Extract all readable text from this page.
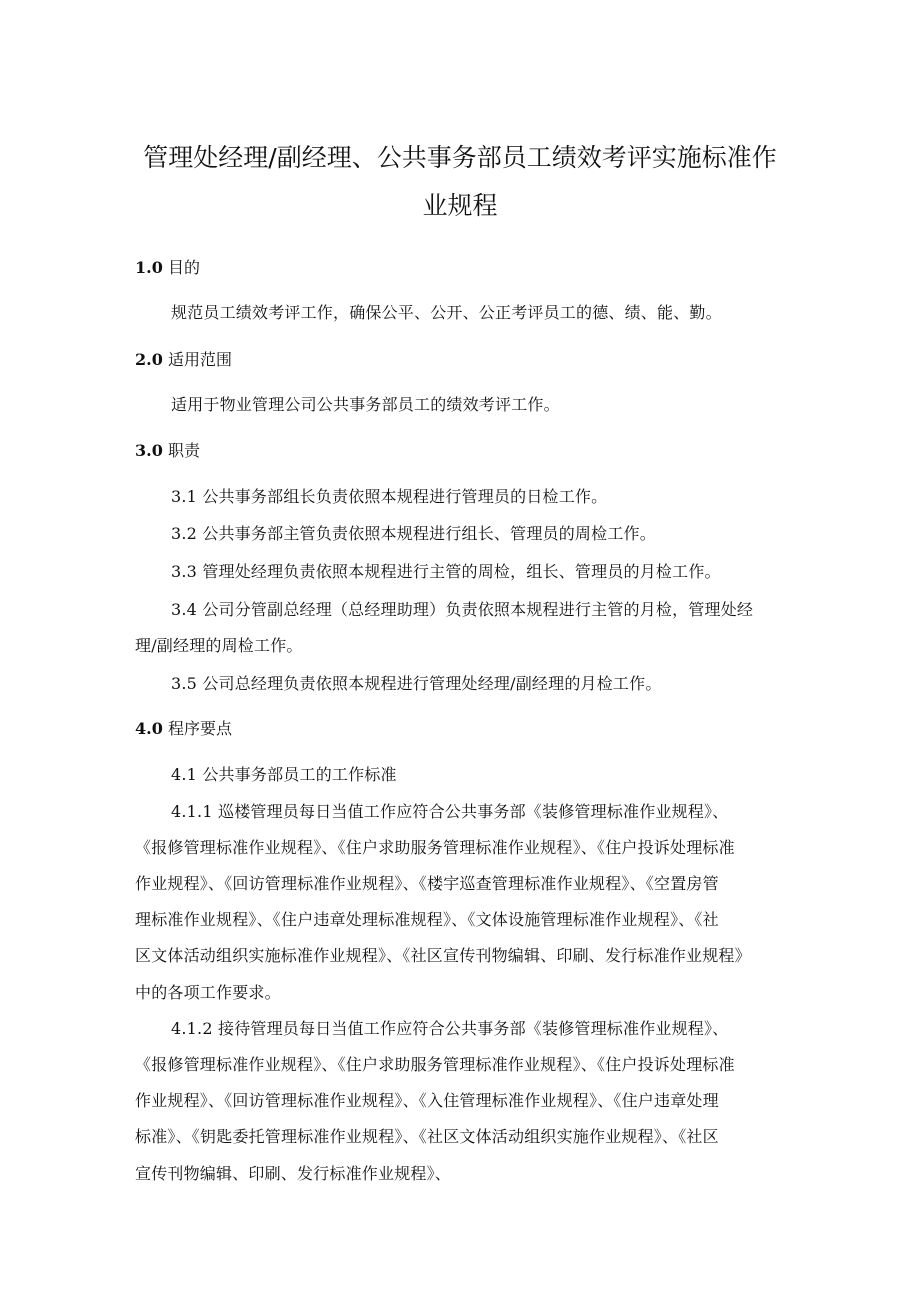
管理处经理/副经理、公共事务部员工绩效考评实施标准作
业规程
1.0 目的
规范员工绩效考评工作，确保公平、公开、公正考评员工的德、绩、能、勤。
2.0 适用范围
适用于物业管理公司公共事务部员工的绩效考评工作。
3.0 职责
3.1 公共事务部组长负责依照本规程进行管理员的日检工作。
3.2 公共事务部主管负责依照本规程进行组长、管理员的周检工作。
3.3 管理处经理负责依照本规程进行主管的周检，组长、管理员的月检工作。
3.4 公司分管副总经理（总经理助理）负责依照本规程进行主管的月检，管理处经
理/副经理的周检工作。
3.5 公司总经理负责依照本规程进行管理处经理/副经理的月检工作。
4.0 程序要点
4.1 公共事务部员工的工作标准
4.1.1 巡楼管理员每日当值工作应符合公共事务部《装修管理标准作业规程》、
《报修管理标准作业规程》、《住户求助服务管理标准作业规程》、《住户投诉处理标准
作业规程》、《回访管理标准作业规程》、《楼宇巡查管理标准作业规程》、《空置房管
理标准作业规程》、《住户违章处理标准规程》、《文体设施管理标准作业规程》、《社
区文体活动组织实施标准作业规程》、《社区宣传刊物编辑、印刷、发行标准作业规程》
中的各项工作要求。
4.1.2 接待管理员每日当值工作应符合公共事务部《装修管理标准作业规程》、
《报修管理标准作业规程》、《住户求助服务管理标准作业规程》、《住户投诉处理标准
作业规程》、《回访管理标准作业规程》、《入住管理标准作业规程》、《住户违章处理
标准》、《钥匙委托管理标准作业规程》、《社区文体活动组织实施作业规程》、《社区
宣传刊物编辑、印刷、发行标准作业规程》、
